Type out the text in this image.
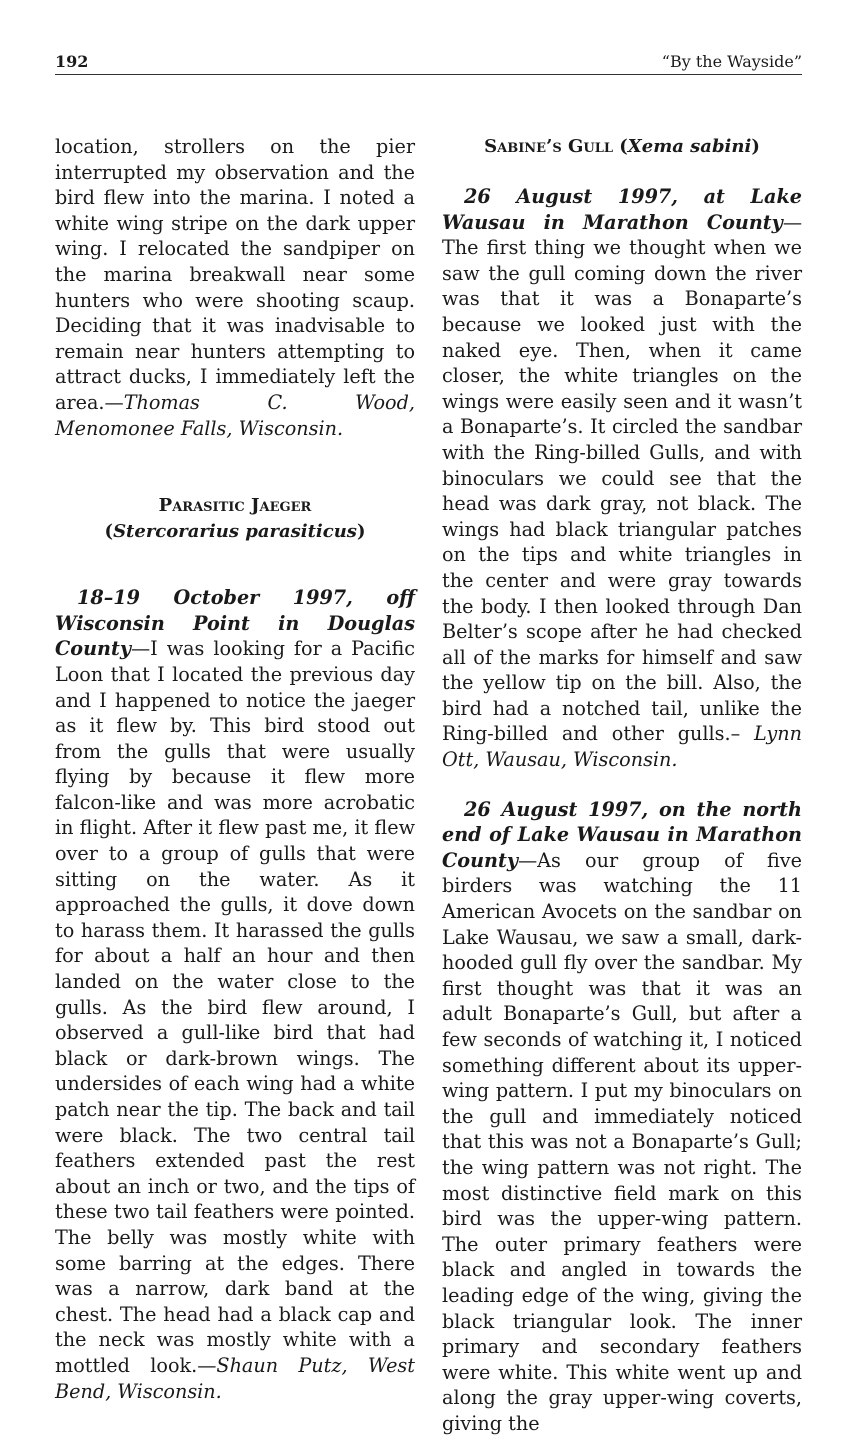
192	“By the Wayside”

location, strollers on the pier interrupted my observation and the bird flew into the marina. I noted a white wing stripe on the dark upper wing. I relocated the sandpiper on the marina breakwall near some hunters who were shooting scaup. Deciding that it was inadvisable to remain near hunters attempting to attract ducks, I immediately left the area.—Thomas C. Wood, Menomonee Falls, Wisconsin.

Parasitic Jaeger
(Stercorarius parasiticus)

18–19 October 1997, off Wisconsin Point in Douglas County—I was looking for a Pacific Loon that I located the previous day and I happened to notice the jaeger as it flew by. This bird stood out from the gulls that were usually flying by because it flew more falcon-like and was more acrobatic in flight. After it flew past me, it flew over to a group of gulls that were sitting on the water. As it approached the gulls, it dove down to harass them. It harassed the gulls for about a half an hour and then landed on the water close to the gulls. As the bird flew around, I observed a gull-like bird that had black or dark-brown wings. The undersides of each wing had a white patch near the tip. The back and tail were black. The two central tail feathers extended past the rest about an inch or two, and the tips of these two tail feathers were pointed. The belly was mostly white with some barring at the edges. There was a narrow, dark band at the chest. The head had a black cap and the neck was mostly white with a mottled look.—Shaun Putz, West Bend, Wisconsin.

Sabine’s Gull (Xema sabini)

26 August 1997, at Lake Wausau in Marathon County—The first thing we thought when we saw the gull coming down the river was that it was a Bonaparte’s because we looked just with the naked eye. Then, when it came closer, the white triangles on the wings were easily seen and it wasn’t a Bonaparte’s. It circled the sandbar with the Ring-billed Gulls, and with binoculars we could see that the head was dark gray, not black. The wings had black triangular patches on the tips and white triangles in the center and were gray towards the body. I then looked through Dan Belter’s scope after he had checked all of the marks for himself and saw the yellow tip on the bill. Also, the bird had a notched tail, unlike the Ring-billed and other gulls.– Lynn Ott, Wausau, Wisconsin.

26 August 1997, on the north end of Lake Wausau in Marathon County—As our group of five birders was watching the 11 American Avocets on the sandbar on Lake Wausau, we saw a small, dark-hooded gull fly over the sandbar. My first thought was that it was an adult Bonaparte’s Gull, but after a few seconds of watching it, I noticed something different about its upper-wing pattern. I put my binoculars on the gull and immediately noticed that this was not a Bonaparte’s Gull; the wing pattern was not right. The most distinctive field mark on this bird was the upper-wing pattern. The outer primary feathers were black and angled in towards the leading edge of the wing, giving the black triangular look. The inner primary and secondary feathers were white. This white went up and along the gray upper-wing coverts, giving the
